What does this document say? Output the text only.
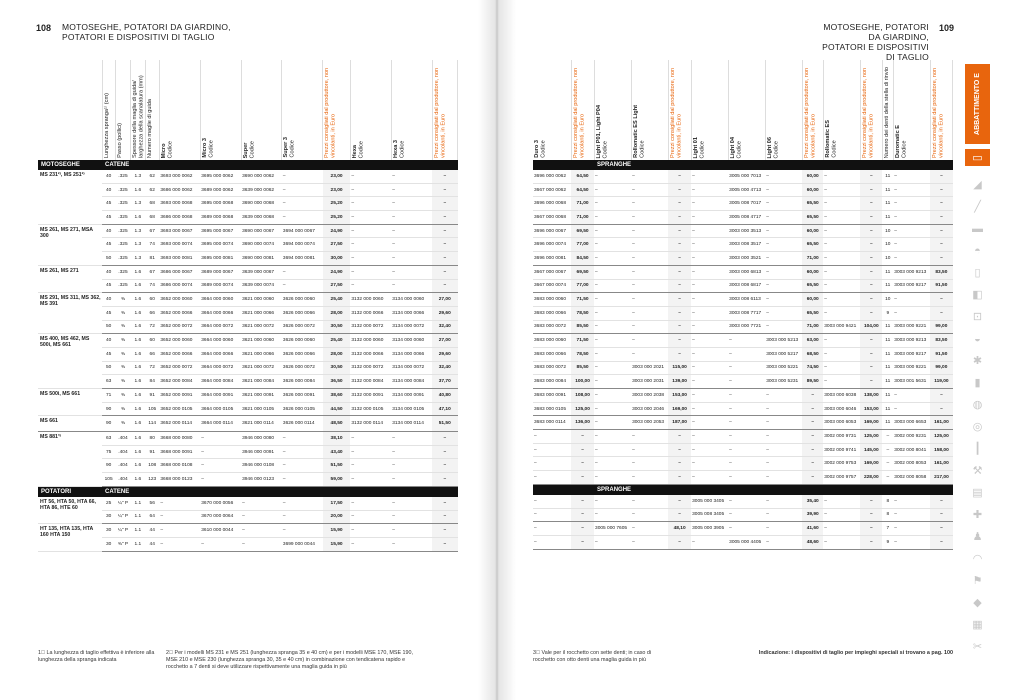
108 MOTOSEGHE, POTATORI DA GIARDINO,
POTATORI E DISPOSITIVI DI TAGLIO
MOTOSEGHE, POTATORI DA GIARDINO,
POTATORI E DISPOSITIVI DI TAGLIO
109

	Lunghezza spranga¹⁾ (cm)	Passo (pollici)	Spessore della maglia di guida/ larghezza della scanalatura (mm)	Numero maglie di guida	Micro Codice	Micro 3 Codice	Super Codice	Super 3 Codice	Prezzi consigliati dal produttore, non vincolanti, in Euro	Hexa Codice	Hexa 3 Codice	Prezzi consigliati dal produttore, non vincolanti, in Euro

MOTOSEGHE	CATENE											
MS 231²⁾, MS 251²⁾	40	.325	1.3	62	3693 000 0062	3695 000 0062	3690 000 0062	–	23,00	–	–	–
	40	.325	1.6	62	3686 000 0062	3689 000 0062	3639 000 0062	–	23,00	–	–	–
	45	.325	1.3	68	3693 000 0068	3695 000 0068	3690 000 0068	–	25,20	–	–	–
	45	.325	1.6	68	3686 000 0068	3689 000 0068	3639 000 0068	–	25,20	–	–	–
MS 261, MS 271, MSA 300	40	.325	1.3	67	3693 000 0067	3695 000 0067	3690 000 0067	3694 000 0067	24,90	–	–	–
	45	.325	1.3	74	3693 000 0074	3695 000 0074	3690 000 0074	3694 000 0074	27,50	–	–	–
	50	.325	1.3	81	3693 000 0081	3695 000 0081	3690 000 0081	3694 000 0081	30,00	–	–	–
MS 261, MS 271	40	.325	1.6	67	3686 000 0067	3689 000 0067	3639 000 0067	–	24,90	–	–	–
	45	.325	1.6	74	3686 000 0074	3689 000 0074	3639 000 0074	–	27,50	–	–	–
MS 291, MS 311, MS 362, MS 391	40	⅜	1.6	60	3652 000 0060	3664 000 0060	3621 000 0060	3626 000 0060	25,40	3132 000 0060	3134 000 0060	27,00
	45	⅜	1.6	66	3652 000 0066	3664 000 0066	3621 000 0066	3626 000 0066	28,00	3132 000 0066	3134 000 0066	29,60
	50	⅜	1.6	72	3652 000 0072	3664 000 0072	3621 000 0072	3626 000 0072	30,50	3132 000 0072	3134 000 0072	32,40
MS 400, MS 462, MS 500i, MS 661	40	⅜	1.6	60	3652 000 0060	3664 000 0060	3621 000 0060	3626 000 0060	25,40	3132 000 0060	3134 000 0060	27,00
	45	⅜	1.6	66	3652 000 0066	3664 000 0066	3621 000 0066	3626 000 0066	28,00	3132 000 0066	3134 000 0066	29,60
	50	⅜	1.6	72	3652 000 0072	3664 000 0072	3621 000 0072	3626 000 0072	30,50	3132 000 0072	3134 000 0072	32,40
	63	⅜	1.6	84	3652 000 0084	3664 000 0084	3621 000 0084	3626 000 0084	36,50	3132 000 0084	3134 000 0084	37,70
MS 500i, MS 661	71	⅜	1.6	91	3652 000 0091	3664 000 0091	3621 000 0091	3626 000 0091	38,60	3132 000 0091	3134 000 0091	40,80
	90	⅜	1.6	105	3652 000 0105	3664 000 0105	3621 000 0105	3626 000 0105	44,50	3132 000 0105	3134 000 0105	47,10
MS 661	90	⅜	1.6	114	3652 000 0114	3664 000 0114	3621 000 0114	3626 000 0114	48,50	3132 000 0114	3134 000 0114	51,50
MS 881³⁾	63	.404	1.6	80	3668 000 0080	–	3946 000 0080	–	38,10	–	–	–
	75	.404	1.6	91	3668 000 0091	–	3946 000 0091	–	43,40	–	–	–
	90	.404	1.6	108	3668 000 0108	–	3946 000 0108	–	51,50	–	–	–
	105	.404	1.6	123	3668 000 0123	–	3946 000 0123	–	59,00	–	–	–
POTATORI	CATENE											
HT 56, HTA 50, HTA 66, HTA 86, HTE 60	25	¼" P	1.1	56	–	3670 000 0056	–	–	17,50	–	–	–
	30	¼" P	1.1	64	–	3670 000 0064	–	–	20,00	–	–	–
HT 135, HTA 135, HTA 160 HTA 150	30	¼" P	1.1	44	–	3610 000 0044	–	–	15,90	–	–	–
	30	⅜" P	1.1	44	–	–	–	3699 000 0044	15,90	–	–	–
Duro 3 Codice	Prezzi consigliati dal produttore, non vincolanti, in Euro	Light P01, Light P04 Codice	Rollomatic ES Light Codice	Prezzi consigliati dal produttore, non vincolanti, in Euro	Light 01 Codice	Light 04 Codice	Light 06 Codice	Prezzi consigliati dal produttore, non vincolanti, in Euro	Rollomatic ES Codice	Prezzi consigliati dal produttore, non vincolanti, in Euro	Numero dei denti della stella di rinvio	Duromatic E Codice	Prezzi consigliati dal produttore, non vincolanti, in Euro

		SPRANGHE											
3696 000 0062	64,50	–	–	–	–	3005 000 7013	–	60,00	–	–	11	–	–
3667 000 0062	64,50	–	–	–	–	3005 000 4713	–	60,00	–	–	11	–	–
3696 000 0068	71,00	–	–	–	–	3005 008 7017	–	65,50	–	–	11	–	–
3667 000 0068	71,00	–	–	–	–	3005 008 4717	–	65,50	–	–	11	–	–
3696 000 0067	69,50	–	–	–	–	3003 000 3513	–	60,00	–	–	10	–	–
3696 000 0074	77,00	–	–	–	–	3003 008 3517	–	65,50	–	–	10	–	–
3696 000 0081	84,50	–	–	–	–	3003 000 3521	–	71,00	–	–	10	–	–
3667 000 0067	69,50	–	–	–	–	3003 000 6813	–	60,00	–	–	11	3003 000 9213	83,50
3667 000 0074	77,00	–	–	–	–	3003 008 6817	–	65,50	–	–	11	3003 000 9217	91,50
3683 000 0060	71,50	–	–	–	–	3003 008 6113	–	60,00	–	–	10	–	–
3683 000 0066	78,50	–	–	–	–	3003 008 7717	–	65,50	–	–	9	–	–
3683 000 0072	85,50	–	–	–	–	3003 000 7721	–	71,00	3003 000 9421	104,00	11	3003 000 9221	99,00
3683 000 0060	71,50	–	–	–	–	–	3003 000 5213	63,00	–	–	11	3003 000 9213	83,50
3683 000 0066	78,50	–	–	–	–	–	3003 000 5217	68,50	–	–	11	3003 000 9217	91,50
3683 000 0072	85,50	–	3003 000 2021	115,00	–	–	3003 000 5221	74,50	–	–	11	3003 000 9221	99,00
3683 000 0084	100,00	–	3003 000 2031	139,00	–	–	3003 000 5231	89,50	–	–	11	3003 001 5631	119,00
3683 000 0091	108,00	–	3003 000 2038	153,00	–	–	–	–	3003 000 6038	138,00	11	–	–
3683 000 0105	125,00	–	3003 000 2046	169,00	–	–	–	–	3003 000 6046	153,00	11	–	–
3683 000 0114	136,00	–	3003 000 2053	187,00	–	–	–	–	3003 000 6053	169,00	11	3003 000 6653	161,00
–	–	–	–	–	–	–	–	–	3002 000 9731	125,00	–	3002 000 9231	125,00
–	–	–	–	–	–	–	–	–	3002 000 9741	145,00	–	3002 000 8041	158,00
–	–	–	–	–	–	–	–	–	3002 000 9753	169,00	–	3002 000 8053	161,00
–	–	–	–	–	–	–	–	–	3002 000 9757	228,00	–	3002 000 8058	217,00
		SPRANGHE											
–	–	–	–	–	3005 000 3405	–	–	35,40	–	–	8	–	–
–	–	–	–	–	3005 008 3405	–	–	39,90	–	–	8	–	–
–	–	3005 000 7605	–	48,10	3005 000 3905	–	–	41,60	–	–	7	–	–
–	–	–	–	–	–	3005 000 4405	–	48,60	–	–	9	–	–
1⃝ La lunghezza di taglio effettiva è inferiore alla lunghezza della spranga indicata
2⃝ Per i modelli MS 231 e MS 251 (lunghezza spranga 35 e 40 cm) e per i modelli MSE 170, MSE 190, MSE 210 e MSE 230 (lunghezza spranga 30, 35 e 40 cm) in combinazione con tendicatena rapido e rocchetto a 7 denti si deve utilizzare rispettivamente una maglia guida in più
3⃝ Vale per il rocchetto con sette denti; in caso di rocchetto con otto denti una maglia guida in più
Indicazione: i dispositivi di taglio per impieghi speciali si trovano a pag. 100
ABBATTIMENTO E TAGLIO
▭
◢
╱
▬
◓
▯
◧
⊡
◒
✱
▮
◍
◎
┃
⚒
▤
✚
♟
◠
⚑
◆
▦
✂
